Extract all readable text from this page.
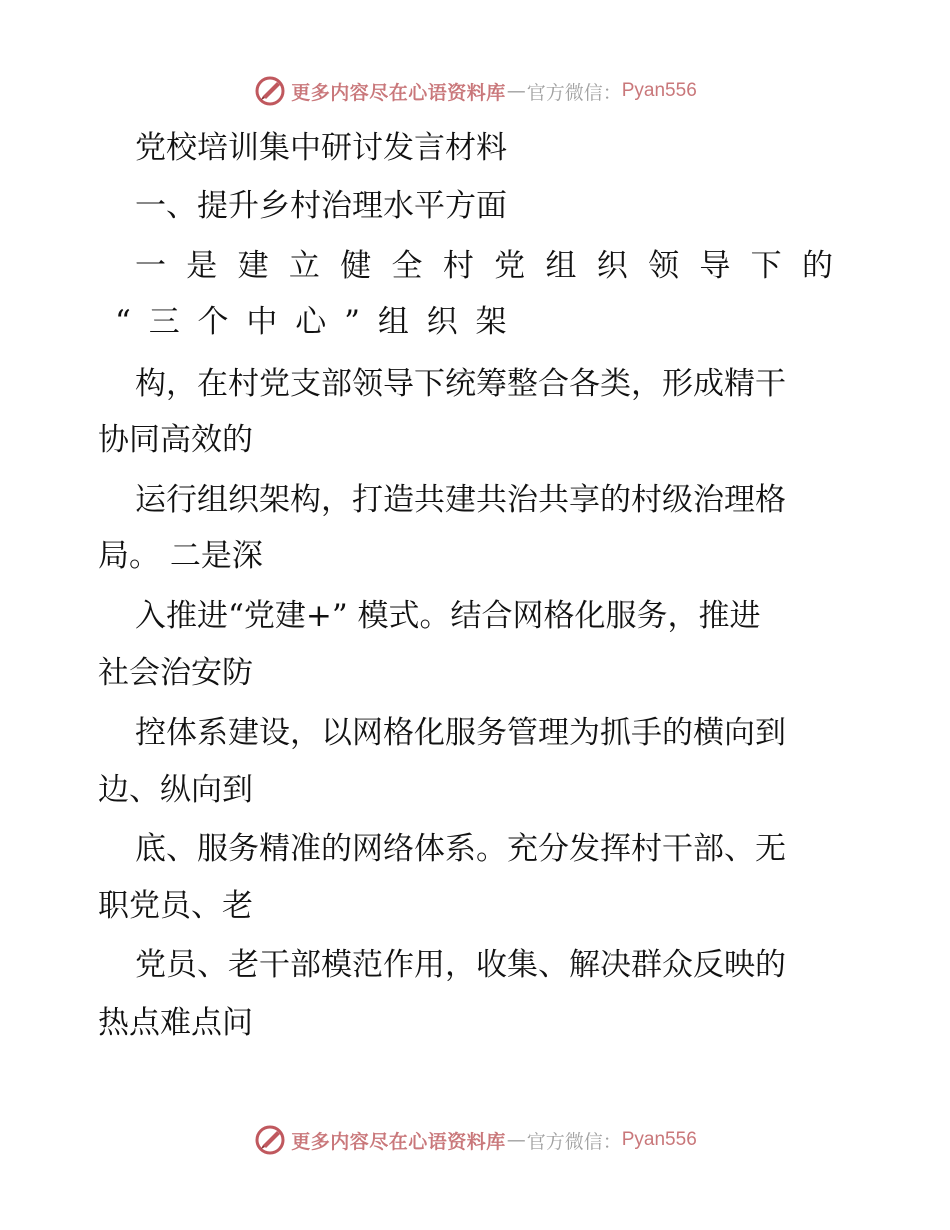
更多内容尽在心语资料库 — 官方微信： Pyan556

党校培训集中研讨发言材料

一、提升乡村治理水平方面

一 是 建 立 健 全 村 党 组 织 领 导 下 的

“ 三 个 中 心 ” 组 织 架

构，在村党支部领导下统筹整合各类，形成精干

协同高效的

运行组织架构，打造共建共治共享的村级治理格

局。 二是深

入推进“党建+” 模式。结合网格化服务，推进

社会治安防

控体系建设，以网格化服务管理为抓手的横向到

边、纵向到

底、服务精准的网络体系。充分发挥村干部、无

职党员、老

党员、老干部模范作用，收集、解决群众反映的

热点难点问

更多内容尽在心语资料库 — 官方微信： Pyan556
